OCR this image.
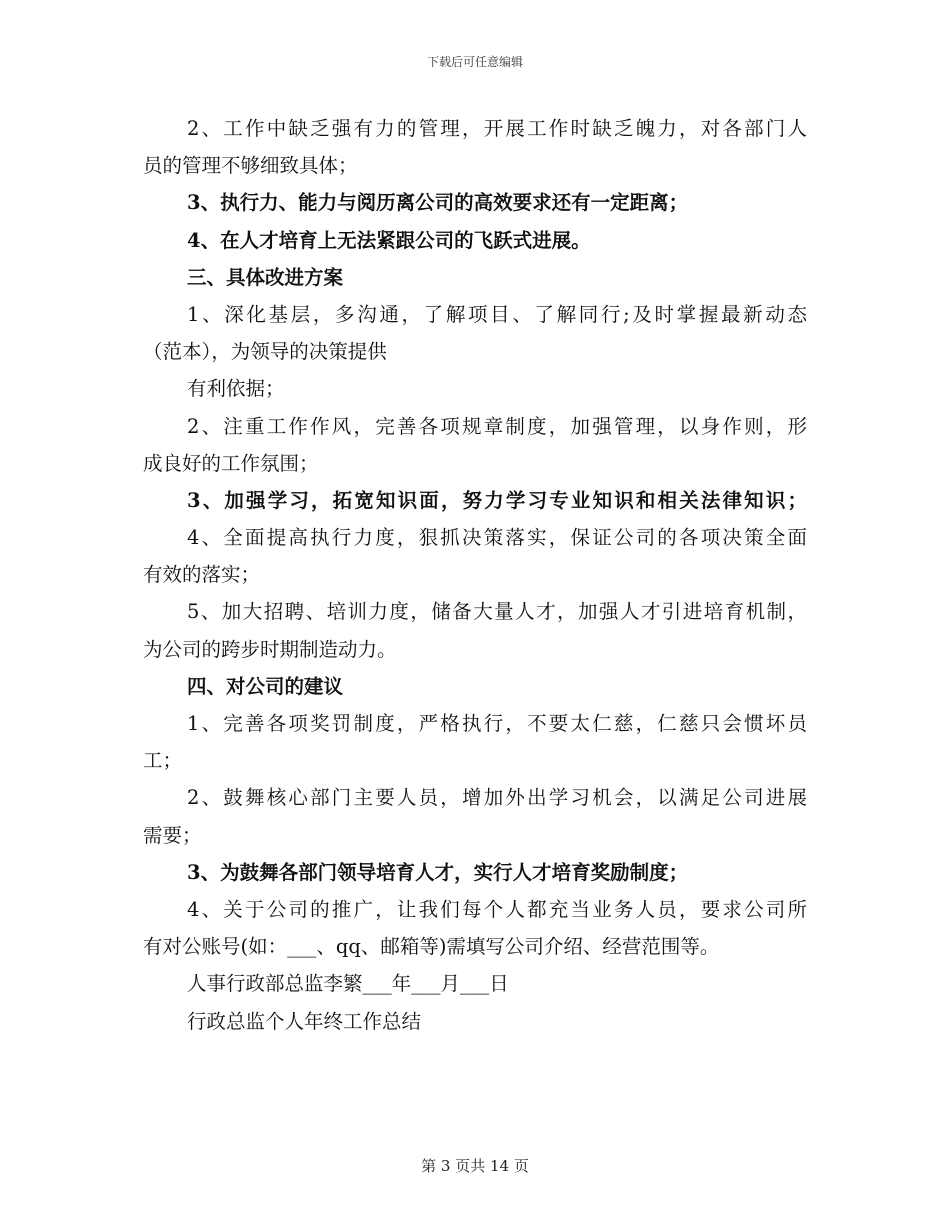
下载后可任意编辑
2、工作中缺乏强有力的管理，开展工作时缺乏魄力，对各部门人
员的管理不够细致具体；
3、执行力、能力与阅历离公司的高效要求还有一定距离；
4、在人才培育上无法紧跟公司的飞跃式进展。
三、具体改进方案
1、深化基层，多沟通，了解项目、了解同行;及时掌握最新动态
（范本），为领导的决策提供
有利依据；
2、注重工作作风，完善各项规章制度，加强管理，以身作则，形
成良好的工作氛围；
3、加强学习，拓宽知识面，努力学习专业知识和相关法律知识；
4、全面提高执行力度，狠抓决策落实，保证公司的各项决策全面
有效的落实；
5、加大招聘、培训力度，储备大量人才，加强人才引进培育机制，
为公司的跨步时期制造动力。
四、对公司的建议
1、完善各项奖罚制度，严格执行，不要太仁慈，仁慈只会惯坏员
工；
2、鼓舞核心部门主要人员，增加外出学习机会，以满足公司进展
需要；
3、为鼓舞各部门领导培育人才，实行人才培育奖励制度；
4、关于公司的推广，让我们每个人都充当业务人员，要求公司所
有对公账号(如：___、qq、邮箱等)需填写公司介绍、经营范围等。
人事行政部总监李繁___年___月___日
行政总监个人年终工作总结
第 3 页共 14 页
